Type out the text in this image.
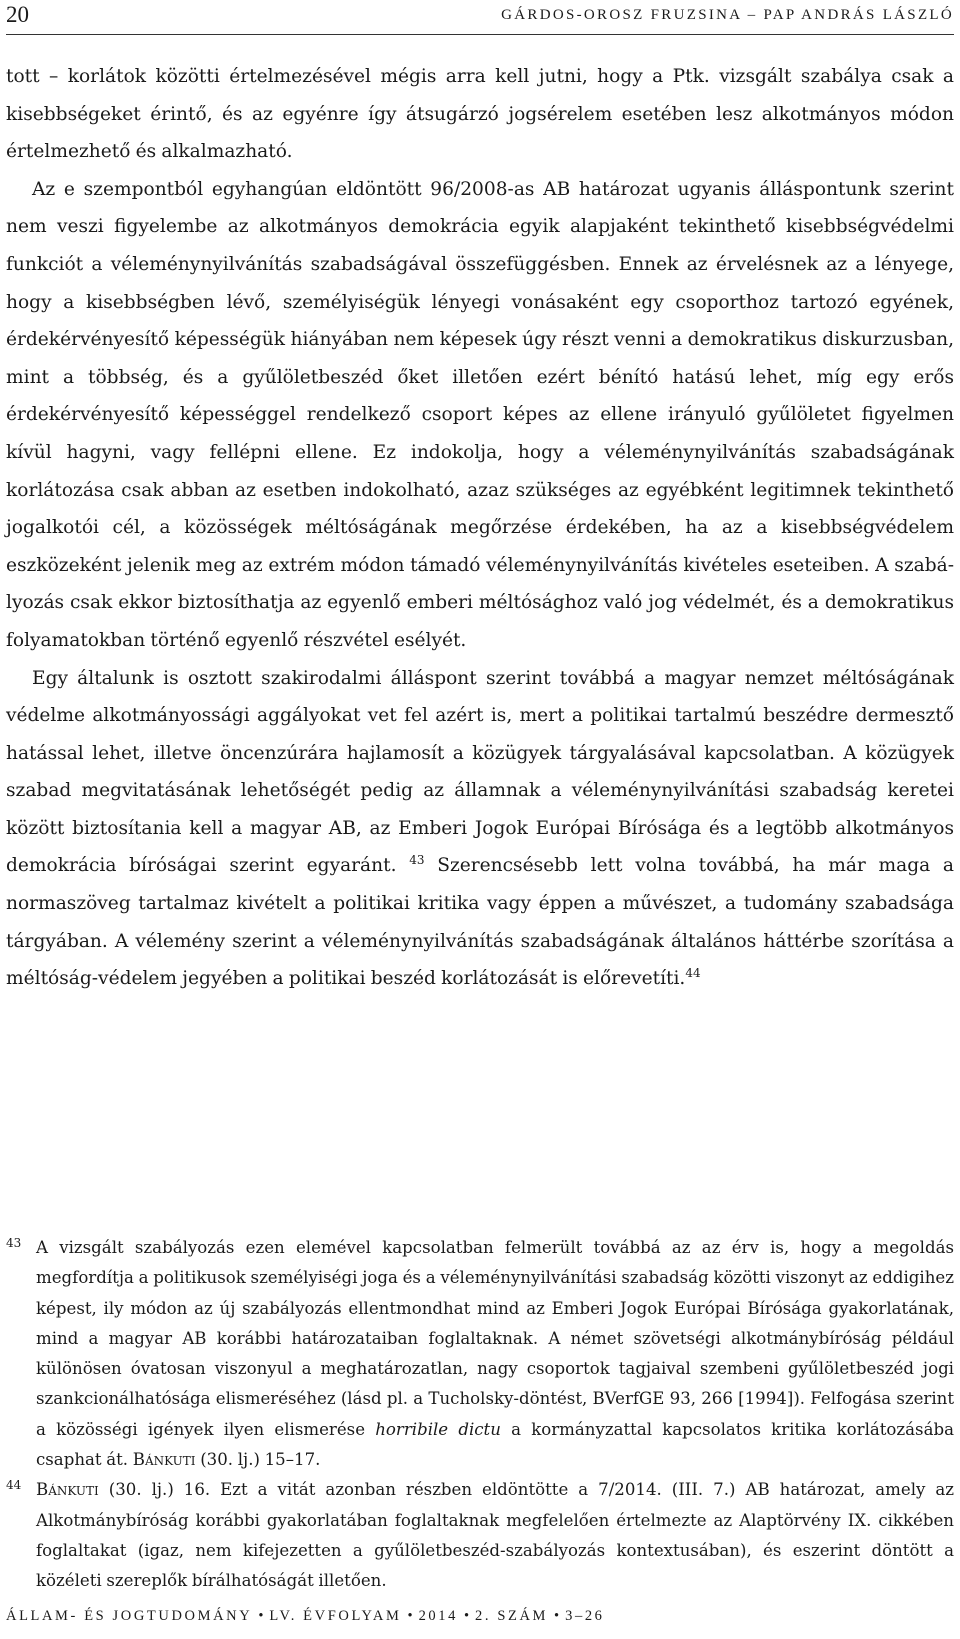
20	GÁRDOS-OROSZ FRUZSINA – PAP ANDRÁS LÁSZLÓ

tott – korlátok közötti értelmezésével mégis arra kell jutni, hogy a Ptk. vizsgált szabálya csak a kisebbségeket érintő, és az egyénre így átsugárzó jogsérelem esetében lesz alkotmányos módon értelmezhető és alkalmazható.

Az e szempontból egyhangúan eldöntött 96/2008-as AB határozat ugyanis álláspontunk szerint nem veszi figyelembe az alkotmányos demokrácia egyik alapjaként tekinthető kisebbségvédelmi funkciót a véleménynyilvánítás szabadságával összefüggésben. Ennek az érvelésnek az a lényege, hogy a kisebbségben lévő, személyiségük lényegi vonásaként egy csoporthoz tartozó egyének, érdekérvényesítő képességük hiányában nem képesek úgy részt venni a demokratikus diskurzusban, mint a többség, és a gyűlöletbeszéd őket illetően ezért bénító hatású lehet, míg egy erős érdekérvényesítő képességgel rendelkező csoport képes az ellene irányuló gyűlöletet figyelmen kívül hagyni, vagy fellépni ellene. Ez indokolja, hogy a véleménynyilvánítás szabadságának korlátozása csak abban az esetben indokolható, azaz szükséges az egyébként legitimnek tekinthető jogalkotói cél, a közösségek méltóságának megőrzése érdekében, ha az a kisebbségvédelem eszközeként jelenik meg az extrém módon támadó véleménynyilvánítás kivételes eseteiben. A szabályozás csak ekkor biztosíthatja az egyenlő emberi méltósághoz való jog védelmét, és a demokratikus folyamatokban történő egyenlő részvétel esélyét.

Egy általunk is osztott szakirodalmi álláspont szerint továbbá a magyar nemzet méltóságának védelme alkotmányossági aggályokat vet fel azért is, mert a politikai tartalmú beszédre dermesztő hatással lehet, illetve öncenzúrára hajlamosít a közügyek tárgyalásával kapcsolatban. A közügyek szabad megvitatásának lehetőségét pedig az államnak a véleménynyilvánítási szabadság keretei között biztosítania kell a magyar AB, az Emberi Jogok Európai Bírósága és a legtöbb alkotmányos demokrácia bíróságai szerint egyaránt. $^{43}$ Szerencsésebb lett volna továbbá, ha már maga a normaszöveg tartalmaz kivételt a politikai kritika vagy éppen a művészet, a tudomány szabadsága tárgyában. A vélemény szerint a véleménynyilvánítás szabadságának általános háttérbe szorítása a méltóság-védelem jegyében a politikai beszéd korlátozását is előrevetíti.$^{44}$

43 A vizsgált szabályozás ezen elemével kapcsolatban felmerült továbbá az az érv is, hogy a megoldás megfordítja a politikusok személyiségi joga és a véleménynyilvánítási szabadság közötti viszonyt az eddigihez képest, ily módon az új szabályozás ellentmondhat mind az Emberi Jogok Európai Bírósága gyakorlatának, mind a magyar AB korábbi határozataiban foglaltaknak. A német szövetségi alkotmánybíróság például különösen óvatosan viszonyul a meghatározatlan, nagy csoportok tagjaival szembeni gyűlöletbeszéd jogi szankcionálhatósága elismeréséhez (lásd pl. a Tucholsky-döntést, BVerfGE 93, 266 [1994]). Felfogása szerint a közösségi igények ilyen elismerése horribile dictu a kormányzattal kapcsolatos kritika korlátozásába csaphat át. Bánkuti (30. lj.) 15–17.
44 Bánkuti (30. lj.) 16. Ezt a vitát azonban részben eldöntötte a 7/2014. (III. 7.) AB határozat, amely az Alkotmánybíróság korábbi gyakorlatában foglaltaknak megfelelően értelmezte az Alaptörvény IX. cikkében foglaltakat (igaz, nem kifejezetten a gyűlöletbeszéd-szabályozás kontextusában), és eszerint döntött a közéleti szereplők bírálhatóságát illetően.
ÁLLAM- ÉS JOGTUDOMÁNY • LV. ÉVFOLYAM • 2014 • 2. SZÁM • 3–26
